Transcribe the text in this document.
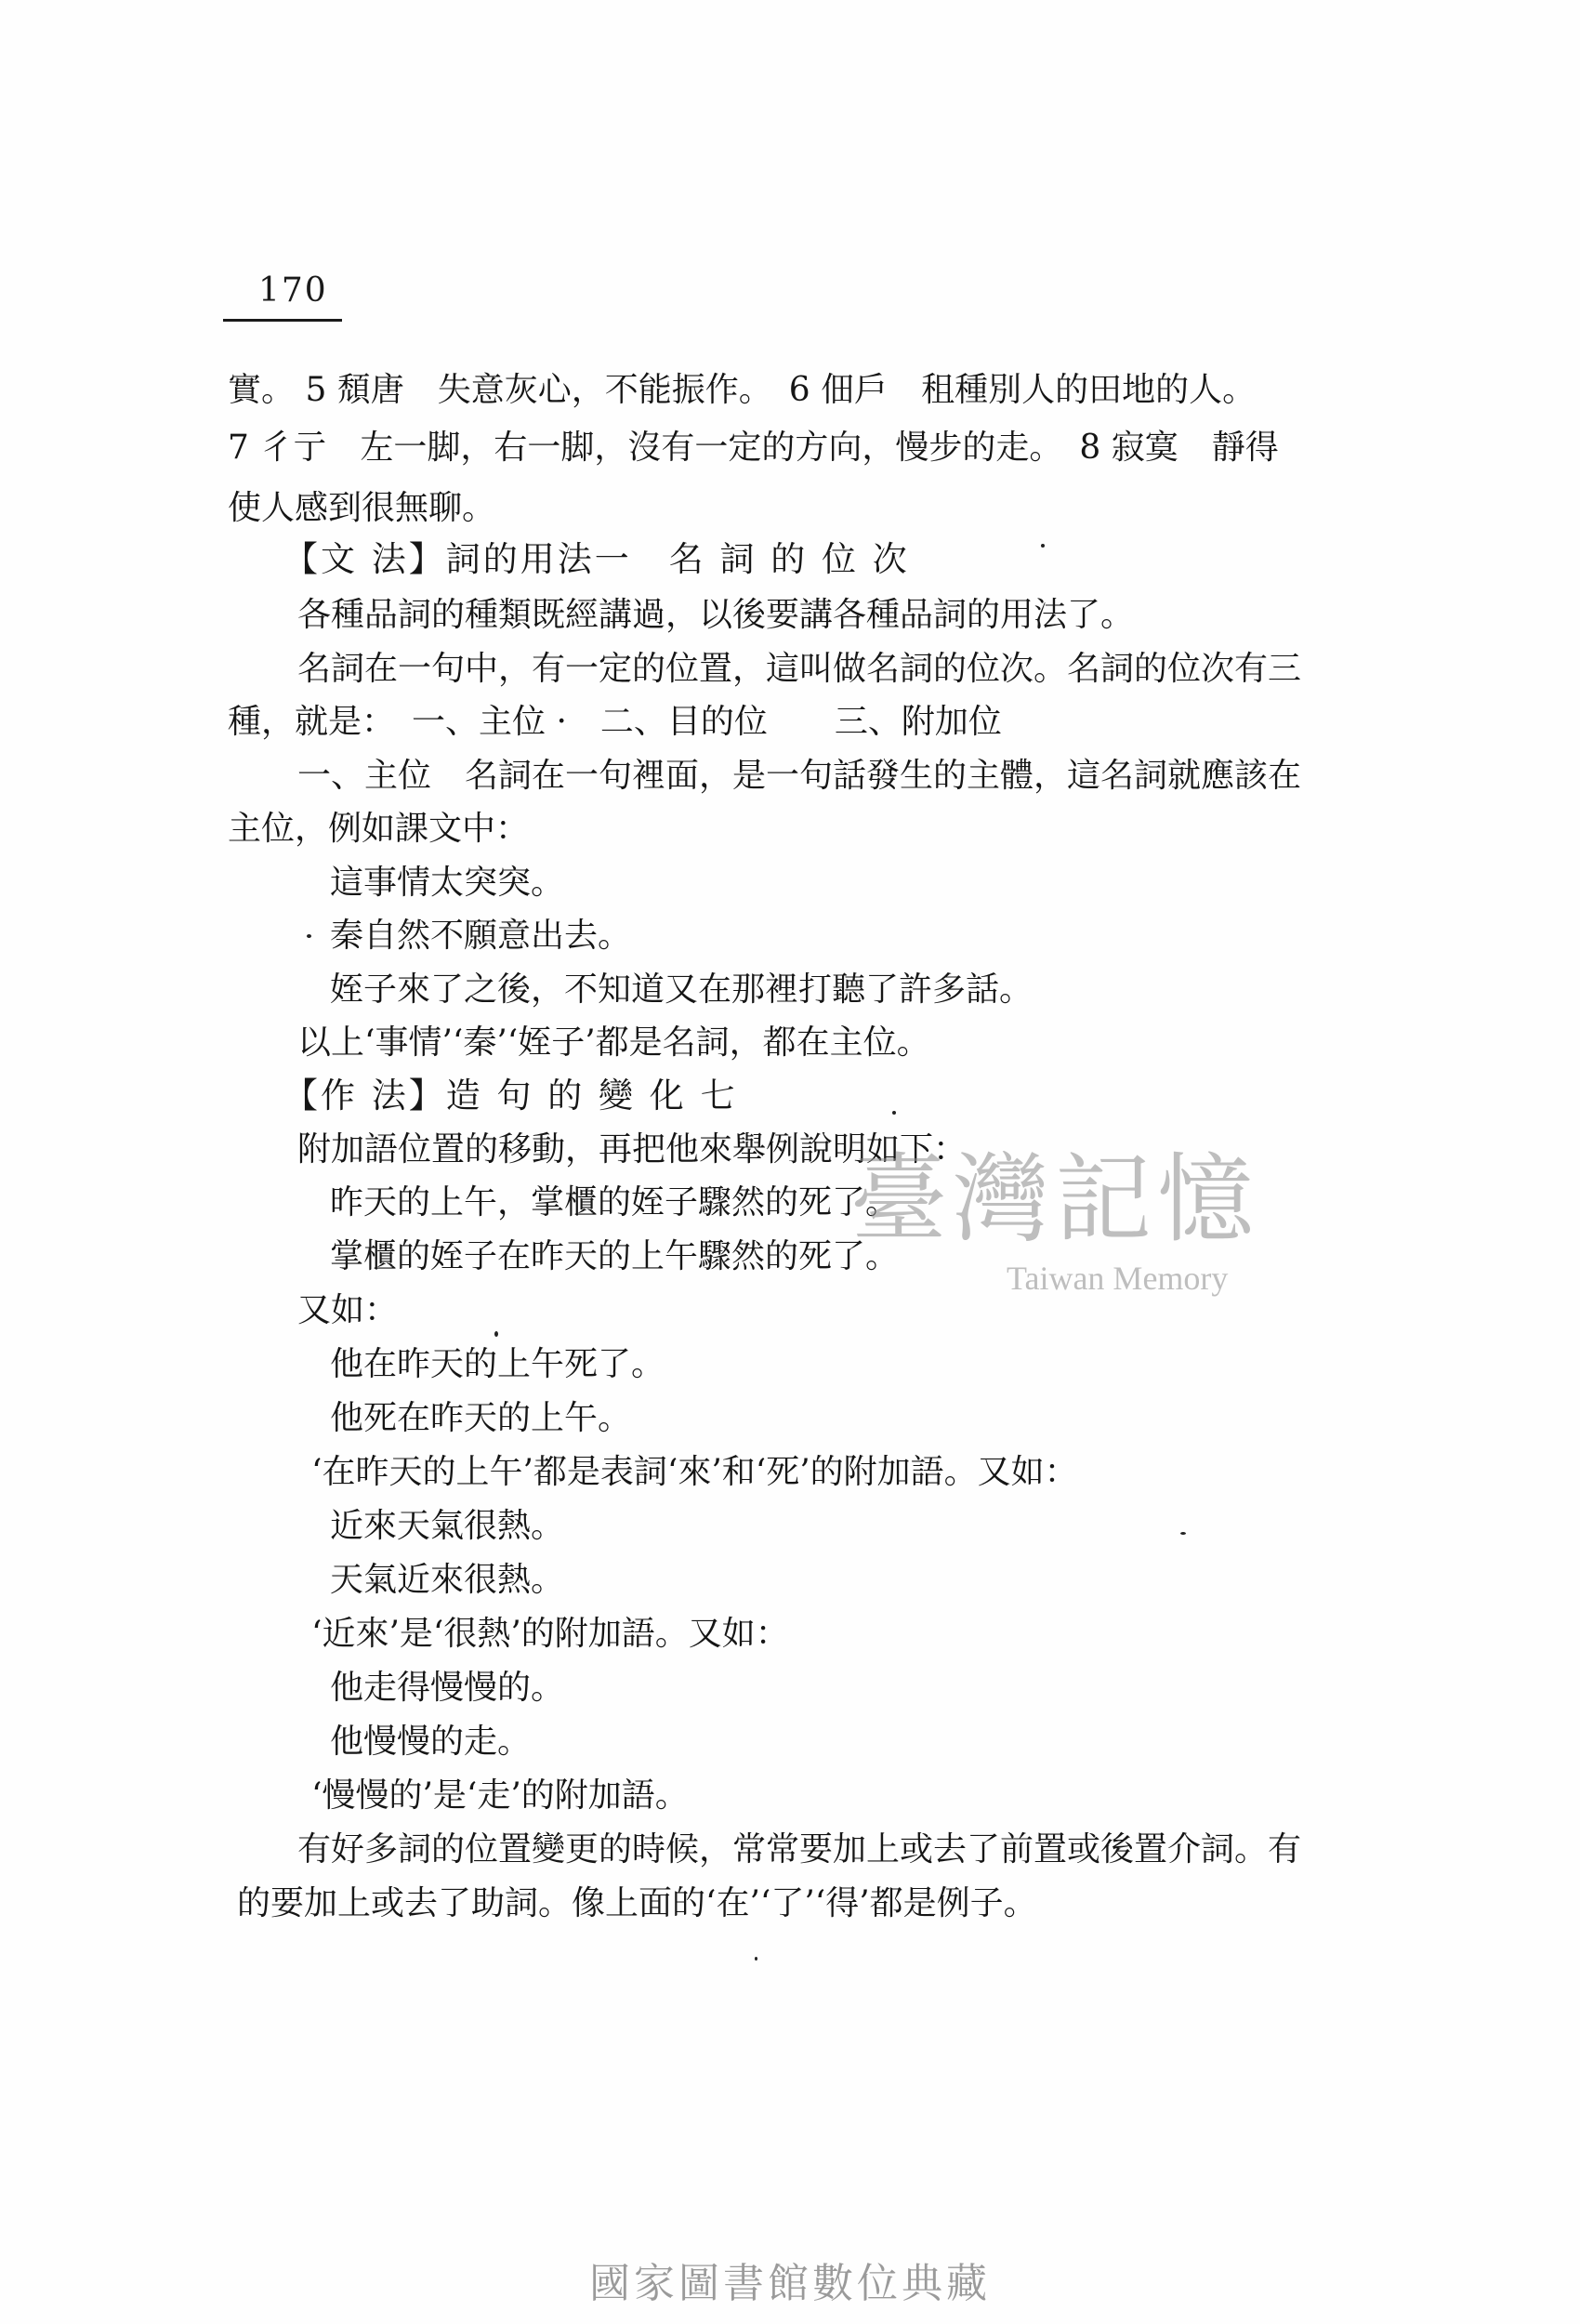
170
實。 5 頹唐　失意灰心，不能振作。　6 佃戶　租種別人的田地的人。
7 彳亍　左一脚，右一脚，沒有一定的方向，慢步的走。　8 寂寞　靜得
使人感到很無聊。
【文 法】詞的用法一　名 詞 的 位 次
各種品詞的種類既經講過，以後要講各種品詞的用法了。
名詞在一句中，有一定的位置，這叫做名詞的位次。名詞的位次有三
種，就是：　一、主位 ·　二、目的位　　三、附加位
一、主位　名詞在一句裡面，是一句話發生的主體，這名詞就應該在
主位，例如課文中：
這事情太突突。
秦自然不願意出去。
姪子來了之後，不知道又在那裡打聽了許多話。
以上‘事情’‘秦’‘姪子’都是名詞，都在主位。
【作 法】造 句 的 變 化 七
附加語位置的移動，再把他來舉例說明如下：
昨天的上午，掌櫃的姪子驟然的死了。
掌櫃的姪子在昨天的上午驟然的死了。
又如：
他在昨天的上午死了。
他死在昨天的上午。
‘在昨天的上午’都是表詞‘來’和‘死’的附加語。又如：
近來天氣很熱。
天氣近來很熱。
‘近來’是‘很熱’的附加語。又如：
他走得慢慢的。
他慢慢的走。
‘慢慢的’是‘走’的附加語。
有好多詞的位置變更的時候，常常要加上或去了前置或後置介詞。有
的要加上或去了助詞。像上面的‘在’‘了’‘得’都是例子。
臺灣記憶
Taiwan Memory
國家圖書館數位典藏
